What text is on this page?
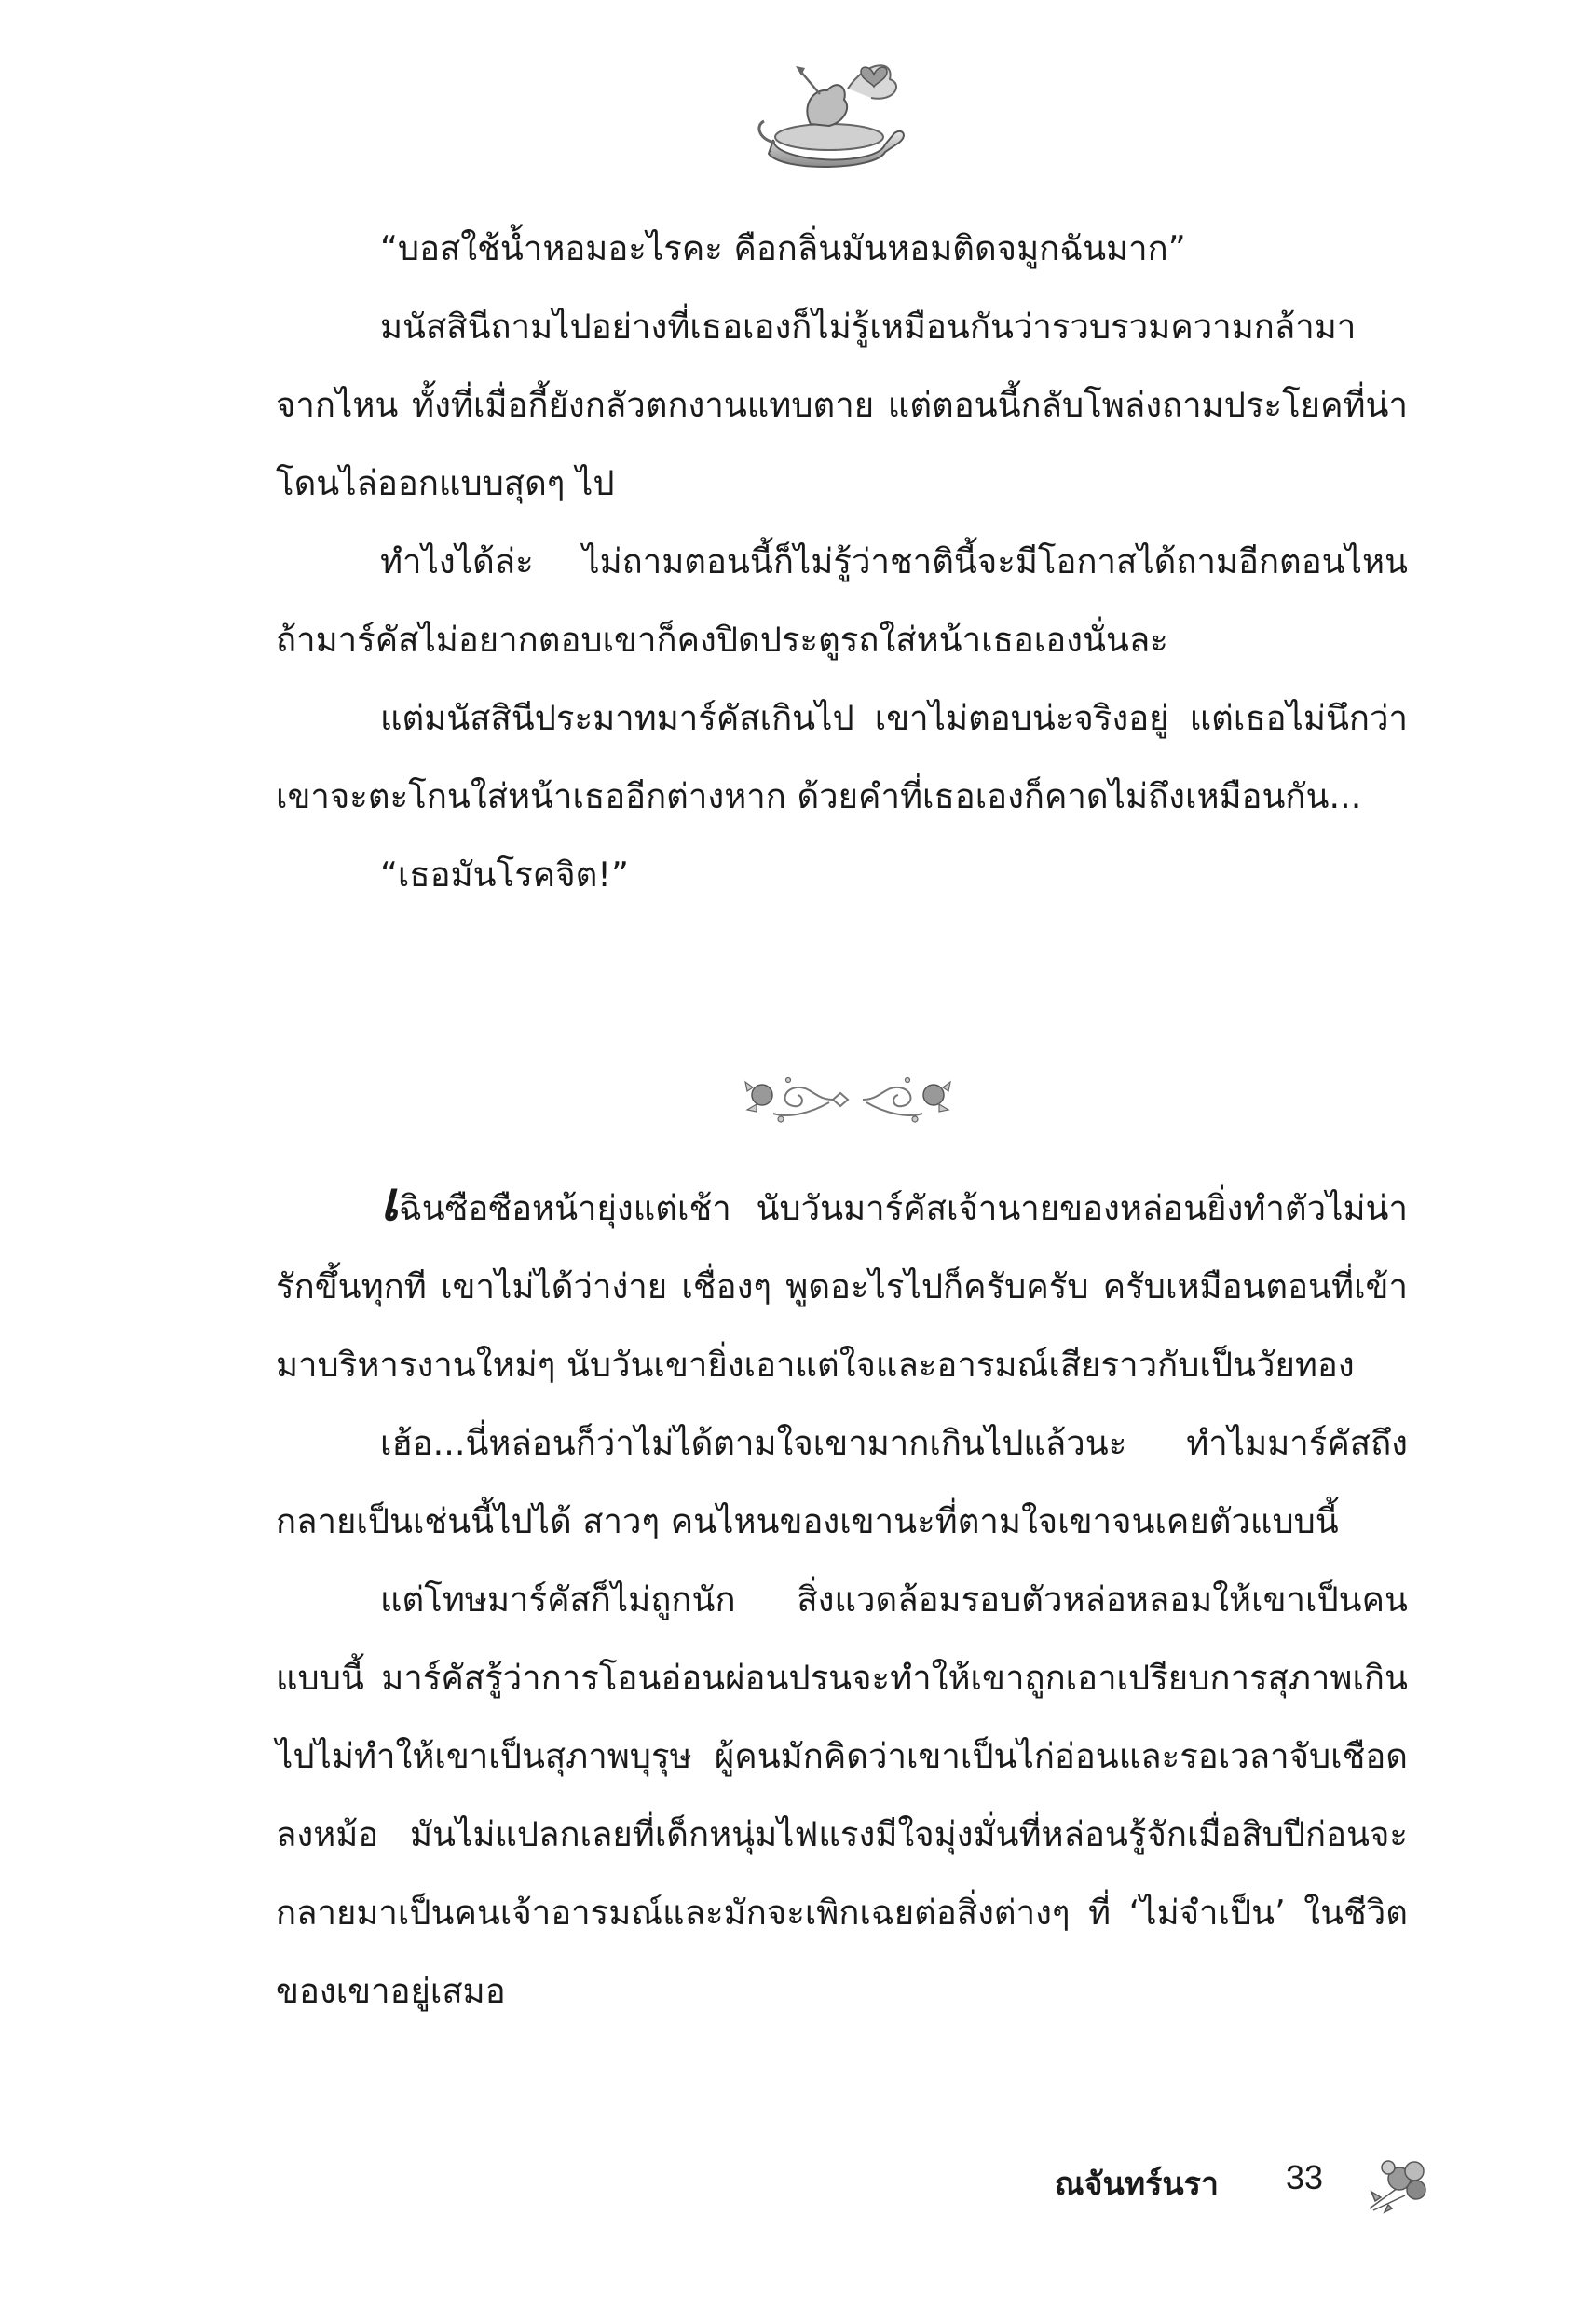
“บอสใช้น้ำหอมอะไรคะ คือกลิ่นมันหอมติดจมูกฉันมาก”

มนัสสินีถามไปอย่างที่เธอเองก็ไม่รู้เหมือนกันว่ารวบรวมความกล้ามาจากไหน ทั้งที่เมื่อกี้ยังกลัวตกงานแทบตาย แต่ตอนนี้กลับโพล่งถามประโยคที่น่าโดนไล่ออกแบบสุดๆ ไป

ทำไงได้ล่ะ ไม่ถามตอนนี้ก็ไม่รู้ว่าชาตินี้จะมีโอกาสได้ถามอีกตอนไหน ถ้ามาร์คัสไม่อยากตอบเขาก็คงปิดประตูรถใส่หน้าเธอเองนั่นละ

แต่มนัสสินีประมาทมาร์คัสเกินไป เขาไม่ตอบน่ะจริงอยู่ แต่เธอไม่นึกว่าเขาจะตะโกนใส่หน้าเธออีกต่างหาก ด้วยคำที่เธอเองก็คาดไม่ถึงเหมือนกัน...

“เธอมันโรคจิต!”

เฉินซือซือหน้ายุ่งแต่เช้า นับวันมาร์คัสเจ้านายของหล่อนยิ่งทำตัวไม่น่ารักขึ้นทุกที เขาไม่ได้ว่าง่าย เชื่องๆ พูดอะไรไปก็ครับครับ ครับเหมือนตอนที่เข้ามาบริหารงานใหม่ๆ นับวันเขายิ่งเอาแต่ใจและอารมณ์เสียราวกับเป็นวัยทอง

เฮ้อ...นี่หล่อนก็ว่าไม่ได้ตามใจเขามากเกินไปแล้วนะ ทำไมมาร์คัสถึงกลายเป็นเช่นนี้ไปได้ สาวๆ คนไหนของเขานะที่ตามใจเขาจนเคยตัวแบบนี้

แต่โทษมาร์คัสก็ไม่ถูกนัก สิ่งแวดล้อมรอบตัวหล่อหลอมให้เขาเป็นคนแบบนี้ มาร์คัสรู้ว่าการโอนอ่อนผ่อนปรนจะทำให้เขาถูกเอาเปรียบการสุภาพเกินไปไม่ทำให้เขาเป็นสุภาพบุรุษ ผู้คนมักคิดว่าเขาเป็นไก่อ่อนและรอเวลาจับเชือดลงหม้อ มันไม่แปลกเลยที่เด็กหนุ่มไฟแรงมีใจมุ่งมั่นที่หล่อนรู้จักเมื่อสิบปีก่อนจะกลายมาเป็นคนเจ้าอารมณ์และมักจะเพิกเฉยต่อสิ่งต่างๆ ที่ ‘ไม่จำเป็น’ ในชีวิตของเขาอยู่เสมอ

ณจันทร์นรา 33
